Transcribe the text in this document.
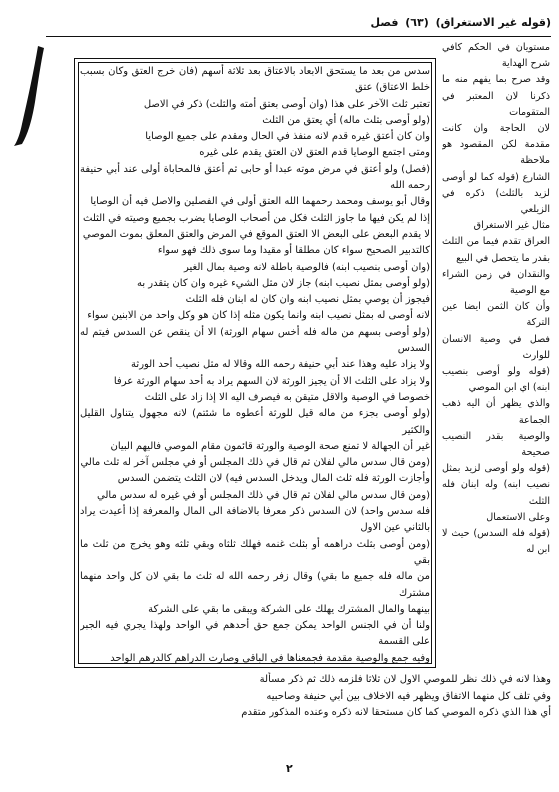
(قوله غير الاستغراق) (٦٣) فصل

سدس من بعد ما يستحق الابعاد بالاعتاق بعد ثلاثة أسهم (فان خرج العتق وكان بسبب خلط الاعتاق) عتق

تعتبر ثلث الآخر على هذا (وان أوصى بعتق أمته والثلث) ذكر في الاصل

(ولو أوصى بثلث ماله) أي يعتق من الثلث

وان كان أعتق غيره قدم لانه منفذ في الحال ومقدم على جميع الوصايا

ومتى اجتمع الوصايا قدم العتق لان العتق يقدم على غيره

(فصل) ولو أعتق في مرض موته عبدا أو حابى ثم أعتق فالمحاباة أولى عند أبي حنيفة رحمه الله

وقال أبو يوسف ومحمد رحمهما الله العتق أولى في الفصلين والاصل فيه أن الوصايا

إذا لم يكن فيها ما جاوز الثلث فكل من أصحاب الوصايا يضرب بجميع وصيته في الثلث

لا يقدم البعض على البعض الا العتق الموقع في المرض والعتق المعلق بموت الموصي

كالتدبير الصحيح سواء كان مطلقا أو مقيدا وما سوى ذلك فهو سواء

(وان أوصى بنصيب ابنه) فالوصية باطلة لانه وصية بمال الغير

(ولو أوصى بمثل نصيب ابنه) جاز لان مثل الشيء غيره وان كان يتقدر به

فيجوز أن يوصي بمثل نصيب ابنه وان كان له ابنان فله الثلث

لانه أوصى له بمثل نصيب ابنه وانما يكون مثله إذا كان هو وكل واحد من الابنين سواء

(ولو أوصى بسهم من ماله فله أخس سهام الورثة) الا أن ينقص عن السدس فيتم له السدس

ولا يزاد عليه وهذا عند أبي حنيفة رحمه الله وقالا له مثل نصيب أحد الورثة

ولا يزاد على الثلث الا أن يجيز الورثة لان السهم يراد به أحد سهام الورثة عرفا

خصوصا في الوصية والاقل متيقن به فيصرف اليه الا إذا زاد على الثلث

(ولو أوصى بجزء من ماله قيل للورثة أعطوه ما شئتم) لانه مجهول يتناول القليل والكثير

غير أن الجهالة لا تمنع صحة الوصية والورثة قائمون مقام الموصي فاليهم البيان

(ومن قال سدس مالي لفلان ثم قال في ذلك المجلس أو في مجلس آخر له ثلث مالي

وأجازت الورثة فله ثلث المال ويدخل السدس فيه) لان الثلث يتضمن السدس

(ومن قال سدس مالي لفلان ثم قال في ذلك المجلس أو في غيره له سدس مالي

فله سدس واحد) لان السدس ذكر معرفا بالاضافة الى المال والمعرفة إذا أعيدت يراد بالثاني عين الاول

(ومن أوصى بثلث دراهمه أو بثلث غنمه فهلك ثلثاه وبقي ثلثه وهو يخرج من ثلث ما بقي

من ماله فله جميع ما بقي) وقال زفر رحمه الله له ثلث ما بقي لان كل واحد منهما مشترك

بينهما والمال المشترك يهلك على الشركة ويبقى ما بقي على الشركة

ولنا أن في الجنس الواحد يمكن جمع حق أحدهم في الواحد ولهذا يجري فيه الجبر على القسمة

وفيه جمع والوصية مقدمة فجمعناها في الباقي وصارت الدراهم كالدرهم الواحد

مستويان في الحكم كافي شرح الهداية

وقد صرح بما يفهم منه ما ذكرنا لان المعتبر في المتقومات

لان الحاجة وان كانت مقدمة لكن المقصود هو ملاحظة

الشارع (قوله كما لو أوصى لزيد بالثلث) ذكره في الزيلعي

مثال غير الاستغراق

العراق تقدم فيما من الثلث بقدر ما يتحصل في البيع

والنقدان في زمن الشراء مع الوصية

وأن كان الثمن ايضا عين التركة

فصل في وصية الانسان للوارث

(قوله ولو أوصى بنصيب ابنه) اي ابن الموصي

والذي يظهر أن اليه ذهب الجماعة

والوصية بقدر النصيب صحيحة

(قوله ولو أوصى لزيد بمثل نصيب ابنه) وله ابنان فله الثلث

وعلى الاستعمال

(قوله فله السدس) حيث لا ابن له

وهذا لانه في ذلك نظر للموصي الاول لان ثلاثا فلزمه ذلك ثم ذكر مسألة

وفي تلف كل منهما الاتفاق ويظهر فيه الاخلاف بين أبي حنيفة وصاحبيه

أي هذا الذي ذكره الموصي كما كان مستحقا لانه ذكره وعنده المذكور متقدم

٢
